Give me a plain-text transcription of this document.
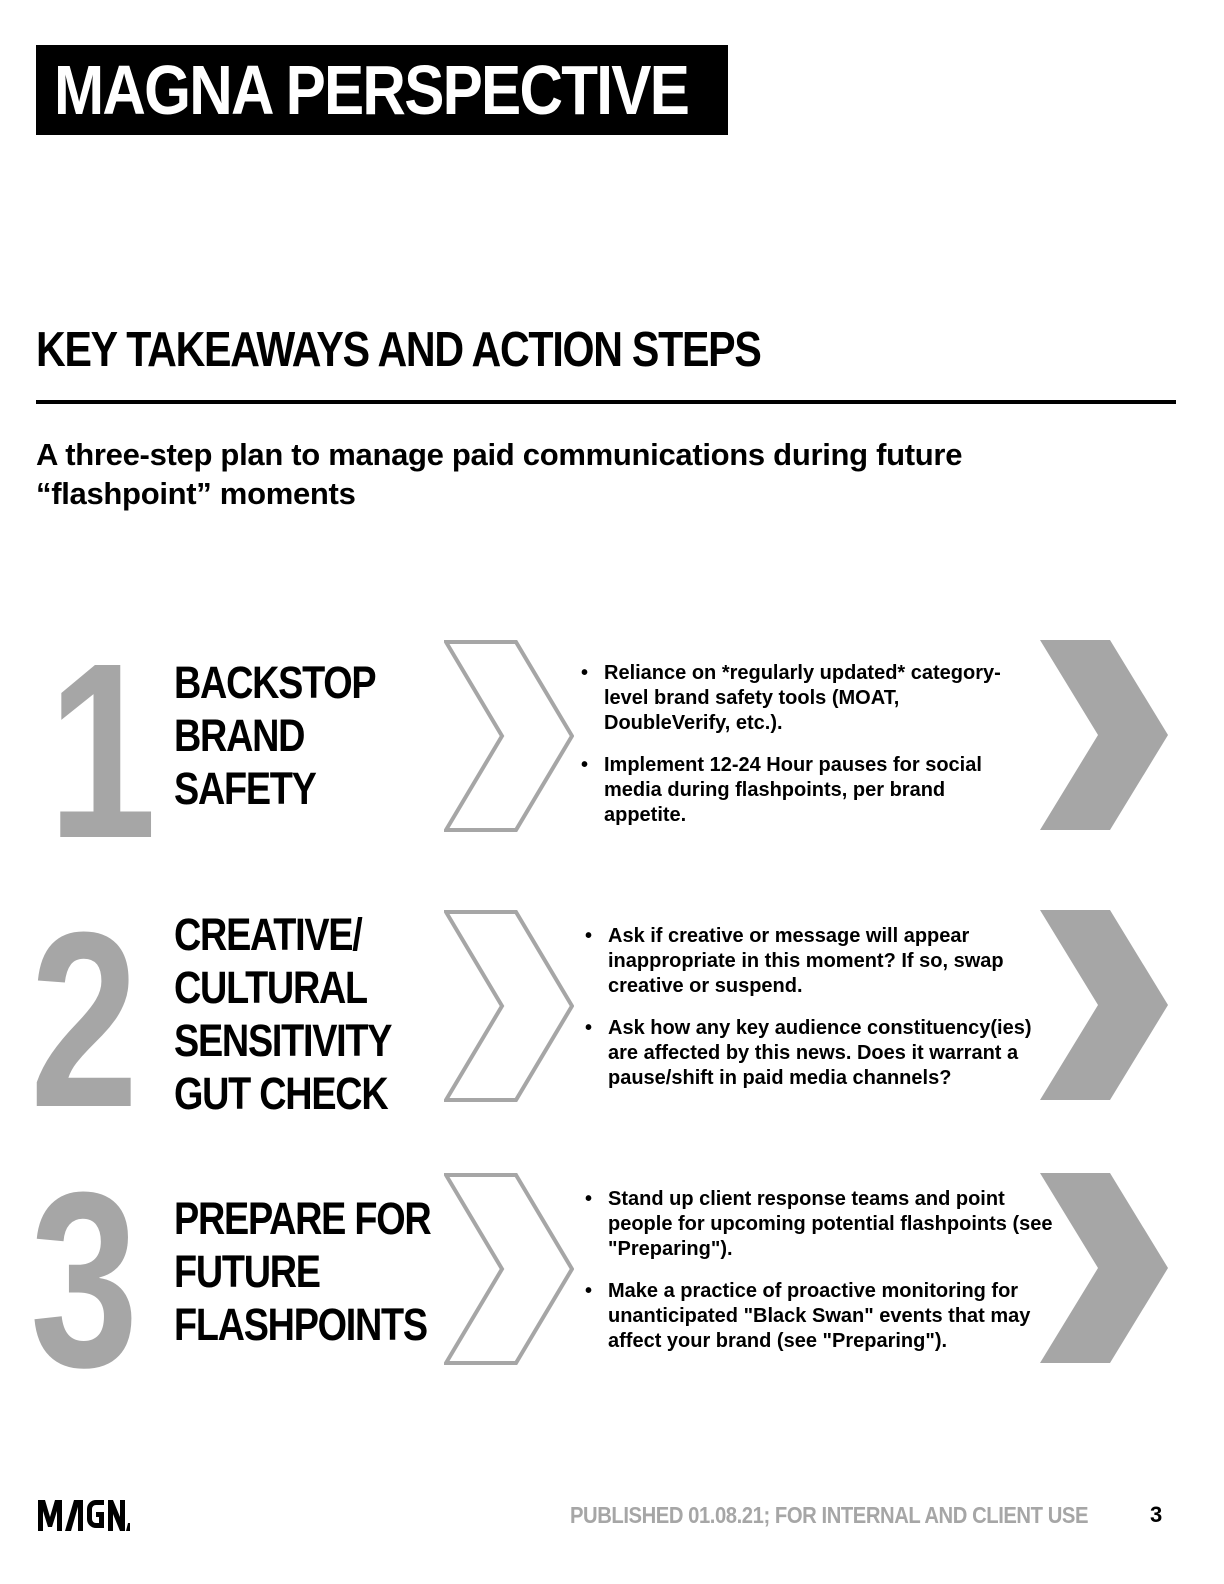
MAGNA PERSPECTIVE
KEY TAKEAWAYS AND ACTION STEPS
A three-step plan to manage paid communications during future “flashpoint” moments
1 BACKSTOP
BRAND
SAFETY
• Reliance on *regularly updated* category-level brand safety tools (MOAT, DoubleVerify, etc.).
• Implement 12-24 Hour pauses for social media during flashpoints, per brand appetite.
2 CREATIVE/
CULTURAL
SENSITIVITY
GUT CHECK
• Ask if creative or message will appear inappropriate in this moment? If so, swap creative or suspend.
• Ask how any key audience constituency(ies) are affected by this news. Does it warrant a pause/shift in paid media channels?
3 PREPARE FOR
FUTURE
FLASHPOINTS
• Stand up client response teams and point people for upcoming potential flashpoints (see "Preparing").
• Make a practice of proactive monitoring for unanticipated "Black Swan" events that may affect your brand (see "Preparing").
PUBLISHED 01.08.21; FOR INTERNAL AND CLIENT USE	3
